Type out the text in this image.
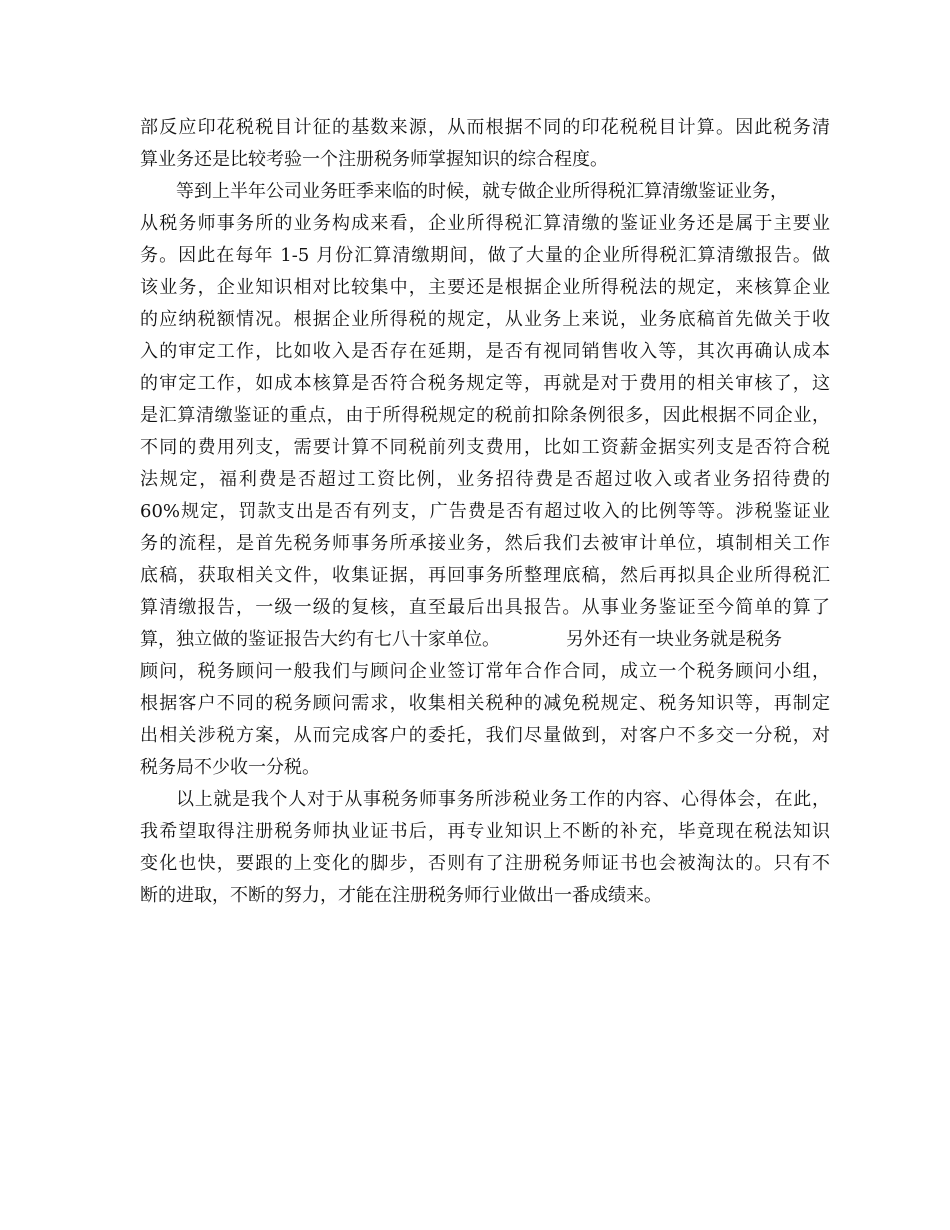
部反应印花税税目计征的基数来源，从而根据不同的印花税税目计算。因此税务清
算业务还是比较考验一个注册税务师掌握知识的综合程度。
等到上半年公司业务旺季来临的时候，就专做企业所得税汇算清缴鉴证业务，
从税务师事务所的业务构成来看，企业所得税汇算清缴的鉴证业务还是属于主要业
务。因此在每年 1-5 月份汇算清缴期间，做了大量的企业所得税汇算清缴报告。做
该业务，企业知识相对比较集中，主要还是根据企业所得税法的规定，来核算企业
的应纳税额情况。根据企业所得税的规定，从业务上来说，业务底稿首先做关于收
入的审定工作，比如收入是否存在延期，是否有视同销售收入等，其次再确认成本
的审定工作，如成本核算是否符合税务规定等，再就是对于费用的相关审核了，这
是汇算清缴鉴证的重点，由于所得税规定的税前扣除条例很多，因此根据不同企业，
不同的费用列支，需要计算不同税前列支费用，比如工资薪金据实列支是否符合税
法规定，福利费是否超过工资比例，业务招待费是否超过收入或者业务招待费的
60%规定，罚款支出是否有列支，广告费是否有超过收入的比例等等。涉税鉴证业
务的流程，是首先税务师事务所承接业务，然后我们去被审计单位，填制相关工作
底稿，获取相关文件，收集证据，再回事务所整理底稿，然后再拟具企业所得税汇
算清缴报告，一级一级的复核，直至最后出具报告。从事业务鉴证至今简单的算了
算，独立做的鉴证报告大约有七八十家单位。	另外还有一块业务就是税务
顾问，税务顾问一般我们与顾问企业签订常年合作合同，成立一个税务顾问小组，
根据客户不同的税务顾问需求，收集相关税种的减免税规定、税务知识等，再制定
出相关涉税方案，从而完成客户的委托，我们尽量做到，对客户不多交一分税，对
税务局不少收一分税。
以上就是我个人对于从事税务师事务所涉税业务工作的内容、心得体会，在此，
我希望取得注册税务师执业证书后，再专业知识上不断的补充，毕竟现在税法知识
变化也快，要跟的上变化的脚步，否则有了注册税务师证书也会被淘汰的。只有不
断的进取，不断的努力，才能在注册税务师行业做出一番成绩来。
